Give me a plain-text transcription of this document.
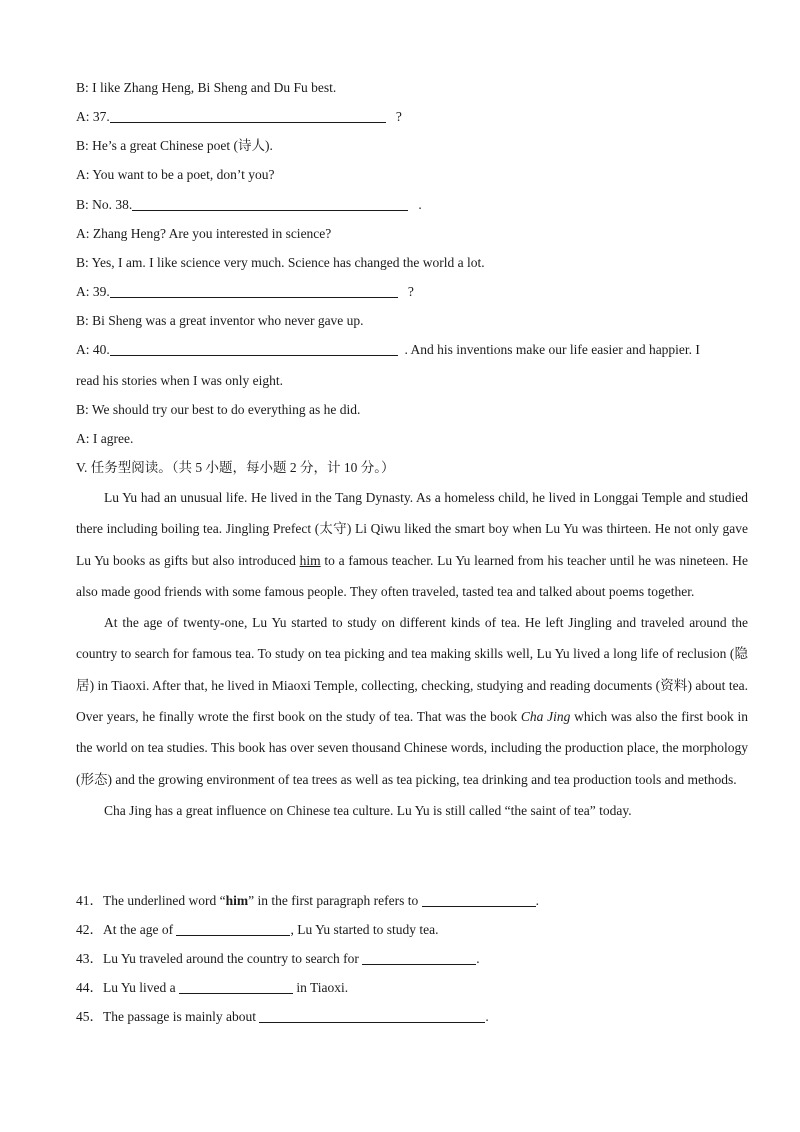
B: I like Zhang Heng, Bi Sheng and Du Fu best.
A: 37.	?
B: He’s a great Chinese poet (诗人).
A: You want to be a poet, don’t you?
B: No. 38.	.
A: Zhang Heng? Are you interested in science?
B: Yes, I am. I like science very much. Science has changed the world a lot.
A: 39.	?
B: Bi Sheng was a great inventor who never gave up.
A: 40.	. And his inventions make our life easier and happier. I
read his stories when I was only eight.
B: We should try our best to do everything as he did.
A: I agree.
V. 任务型阅读。（共 5 小题，每小题 2 分，计 10 分。）

Lu Yu had an unusual life. He lived in the Tang Dynasty. As a homeless child, he lived in Longgai Temple and studied there including boiling tea. Jingling Prefect (太守) Li Qiwu liked the smart boy when Lu Yu was thirteen. He not only gave Lu Yu books as gifts but also introduced him to a famous teacher. Lu Yu learned from his teacher until he was nineteen. He also made good friends with some famous people. They often traveled, tasted tea and talked about poems together.

At the age of twenty-one, Lu Yu started to study on different kinds of tea. He left Jingling and traveled around the country to search for famous tea. To study on tea picking and tea making skills well, Lu Yu lived a long life of reclusion (隐居) in Tiaoxi. After that, he lived in Miaoxi Temple, collecting, checking, studying and reading documents (资料) about tea. Over years, he finally wrote the first book on the study of tea. That was the book Cha Jing which was also the first book in the world on tea studies. This book has over seven thousand Chinese words, including the production place, the morphology (形态) and the growing environment of tea trees as well as tea picking, tea drinking and tea production tools and methods.

Cha Jing has a great influence on Chinese tea culture. Lu Yu is still called “the saint of tea” today.

41．The underlined word “him” in the first paragraph refers to	.
42．At the age of	, Lu Yu started to study tea.
43．Lu Yu traveled around the country to search for	.
44．Lu Yu lived a	in Tiaoxi.
45．The passage is mainly about	.
